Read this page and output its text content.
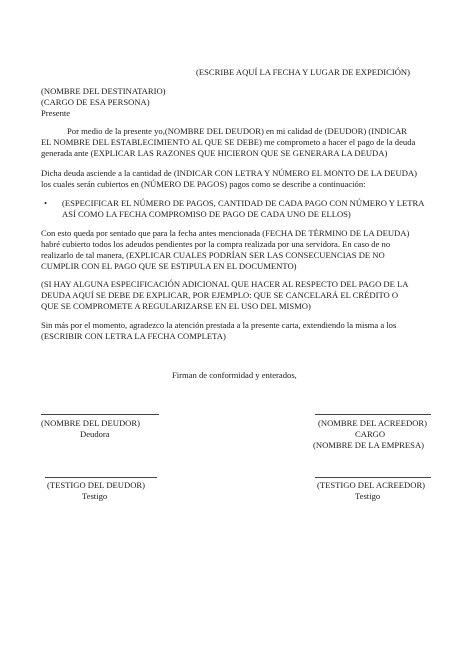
(ESCRIBE AQUÍ LA FECHA Y LUGAR DE EXPEDICIÓN)
(NOMBRE DEL DESTINATARIO)
(CARGO DE ESA PERSONA)
Presente
Por medio de la presente yo,(NOMBRE DEL DEUDOR) en mi calidad de (DEUDOR) (INDICAR
EL NOMBRE DEL ESTABLECIMIENTO AL QUE SE DEBE) me comprometo a hacer el pago de la deuda
generada ante (EXPLICAR LAS RAZONES QUE HICIERON QUE SE GENERARA LA DEUDA)
Dicha deuda asciende a la cantidad de (INDICAR CON LETRA Y NÚMERO EL MONTO DE LA DEUDA)
los cuales serán cubiertos en (NÚMERO DE PAGOS) pagos como se describe a continuación:
• (ESPECIFICAR EL NÚMERO DE PAGOS, CANTIDAD DE CADA PAGO CON NÚMERO Y LETRA
ASÍ COMO LA FECHA COMPROMISO DE PAGO DE CADA UNO DE ELLOS)
Con esto queda por sentado que para la fecha antes mencionada (FECHA DE TÉRMINO DE LA DEUDA)
habré cubierto todos los adeudos pendientes por la compra realizada por una servidora. En caso de no
realizarlo de tal manera, (EXPLICAR CUALES PODRÍAN SER LAS CONSECUENCIAS DE NO
CUMPLIR CON EL PAGO QUE SE ESTIPULA EN EL DOCUMENTO)
(SI HAY ALGUNA ESPECIFICACIÓN ADICIONAL QUE HACER AL RESPECTO DEL PAGO DE LA
DEUDA AQUÍ SE DEBE DE EXPLICAR, POR EJEMPLO: QUE SE CANCELARÁ EL CRÉDITO O
QUE SE COMPROMETE A REGULARIZARSE EN EL USO DEL MISMO)
Sin más por el momento, agradezco la atención prestada a la presente carta, extendiendo la misma a los
(ESCRIBIR CON LETRA LA FECHA COMPLETA)
Firman de conformidad y enterados,
(NOMBRE DEL DEUDOR)
Deudora
(NOMBRE DEL ACREEDOR)
CARGO
(NOMBRE DE LA EMPRESA)
(TESTIGO DEL DEUDOR)
Testigo
(TESTIGO DEL ACREEDOR)
Testigo
